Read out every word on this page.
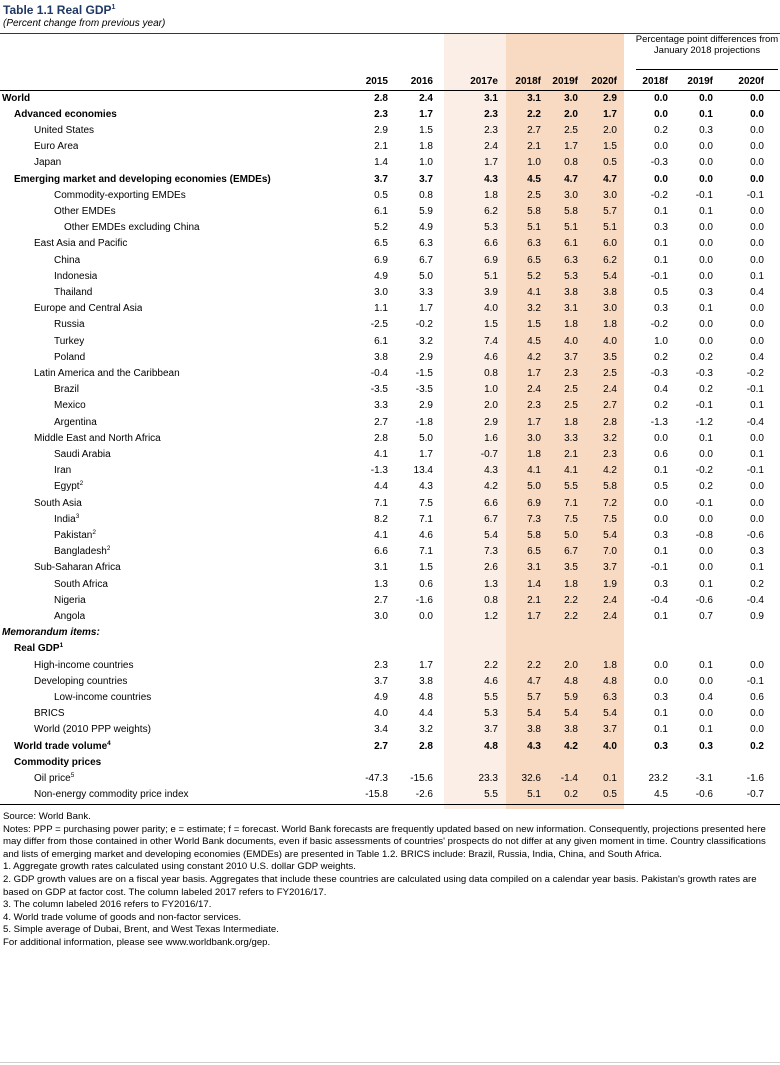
Table 1.1 Real GDP$^1$
(Percent change from previous year)
Percentage point differences from January 2018 projections
2015	2016	2017e	2018f	2019f	2020f	2018f	2019f	2020f
World	2.8	2.4	3.1	3.1	3.0	2.9	0.0	0.0	0.0
Advanced economies	2.3	1.7	2.3	2.2	2.0	1.7	0.0	0.1	0.0
United States	2.9	1.5	2.3	2.7	2.5	2.0	0.2	0.3	0.0
Euro Area	2.1	1.8	2.4	2.1	1.7	1.5	0.0	0.0	0.0
Japan	1.4	1.0	1.7	1.0	0.8	0.5	-0.3	0.0	0.0
Emerging market and developing economies (EMDEs)	3.7	3.7	4.3	4.5	4.7	4.7	0.0	0.0	0.0
Commodity-exporting EMDEs	0.5	0.8	1.8	2.5	3.0	3.0	-0.2	-0.1	-0.1
Other EMDEs	6.1	5.9	6.2	5.8	5.8	5.7	0.1	0.1	0.0
Other EMDEs excluding China	5.2	4.9	5.3	5.1	5.1	5.1	0.3	0.0	0.0
East Asia and Pacific	6.5	6.3	6.6	6.3	6.1	6.0	0.1	0.0	0.0
China	6.9	6.7	6.9	6.5	6.3	6.2	0.1	0.0	0.0
Indonesia	4.9	5.0	5.1	5.2	5.3	5.4	-0.1	0.0	0.1
Thailand	3.0	3.3	3.9	4.1	3.8	3.8	0.5	0.3	0.4
Europe and Central Asia	1.1	1.7	4.0	3.2	3.1	3.0	0.3	0.1	0.0
Russia	-2.5	-0.2	1.5	1.5	1.8	1.8	-0.2	0.0	0.0
Turkey	6.1	3.2	7.4	4.5	4.0	4.0	1.0	0.0	0.0
Poland	3.8	2.9	4.6	4.2	3.7	3.5	0.2	0.2	0.4
Latin America and the Caribbean	-0.4	-1.5	0.8	1.7	2.3	2.5	-0.3	-0.3	-0.2
Brazil	-3.5	-3.5	1.0	2.4	2.5	2.4	0.4	0.2	-0.1
Mexico	3.3	2.9	2.0	2.3	2.5	2.7	0.2	-0.1	0.1
Argentina	2.7	-1.8	2.9	1.7	1.8	2.8	-1.3	-1.2	-0.4
Middle East and North Africa	2.8	5.0	1.6	3.0	3.3	3.2	0.0	0.1	0.0
Saudi Arabia	4.1	1.7	-0.7	1.8	2.1	2.3	0.6	0.0	0.1
Iran	-1.3	13.4	4.3	4.1	4.1	4.2	0.1	-0.2	-0.1
Egypt$^2$	4.4	4.3	4.2	5.0	5.5	5.8	0.5	0.2	0.0
South Asia	7.1	7.5	6.6	6.9	7.1	7.2	0.0	-0.1	0.0
India$^3$	8.2	7.1	6.7	7.3	7.5	7.5	0.0	0.0	0.0
Pakistan$^2$	4.1	4.6	5.4	5.8	5.0	5.4	0.3	-0.8	-0.6
Bangladesh$^2$	6.6	7.1	7.3	6.5	6.7	7.0	0.1	0.0	0.3
Sub-Saharan Africa	3.1	1.5	2.6	3.1	3.5	3.7	-0.1	0.0	0.1
South Africa	1.3	0.6	1.3	1.4	1.8	1.9	0.3	0.1	0.2
Nigeria	2.7	-1.6	0.8	2.1	2.2	2.4	-0.4	-0.6	-0.4
Angola	3.0	0.0	1.2	1.7	2.2	2.4	0.1	0.7	0.9
Memorandum items:
Real GDP$^1$
High-income countries	2.3	1.7	2.2	2.2	2.0	1.8	0.0	0.1	0.0
Developing countries	3.7	3.8	4.6	4.7	4.8	4.8	0.0	0.0	-0.1
Low-income countries	4.9	4.8	5.5	5.7	5.9	6.3	0.3	0.4	0.6
BRICS	4.0	4.4	5.3	5.4	5.4	5.4	0.1	0.0	0.0
World (2010 PPP weights)	3.4	3.2	3.7	3.8	3.8	3.7	0.1	0.1	0.0
World trade volume$^4$	2.7	2.8	4.8	4.3	4.2	4.0	0.3	0.3	0.2
Commodity prices
Oil price$^5$	-47.3	-15.6	23.3	32.6	-1.4	0.1	23.2	-3.1	-1.6
Non-energy commodity price index	-15.8	-2.6	5.5	5.1	0.2	0.5	4.5	-0.6	-0.7
Source: World Bank.
Notes: PPP = purchasing power parity; e = estimate; f = forecast. World Bank forecasts are frequently updated based on new information. Consequently, projections presented here may differ from those contained in other World Bank documents, even if basic assessments of countries' prospects do not differ at any given moment in time. Country classifications and lists of emerging market and developing economies (EMDEs) are presented in Table 1.2. BRICS include: Brazil, Russia, India, China, and South Africa.
1. Aggregate growth rates calculated using constant 2010 U.S. dollar GDP weights.
2. GDP growth values are on a fiscal year basis. Aggregates that include these countries are calculated using data compiled on a calendar year basis. Pakistan's growth rates are based on GDP at factor cost. The column labeled 2017 refers to FY2016/17.
3. The column labeled 2016 refers to FY2016/17.
4. World trade volume of goods and non-factor services.
5. Simple average of Dubai, Brent, and West Texas Intermediate.
For additional information, please see www.worldbank.org/gep.
